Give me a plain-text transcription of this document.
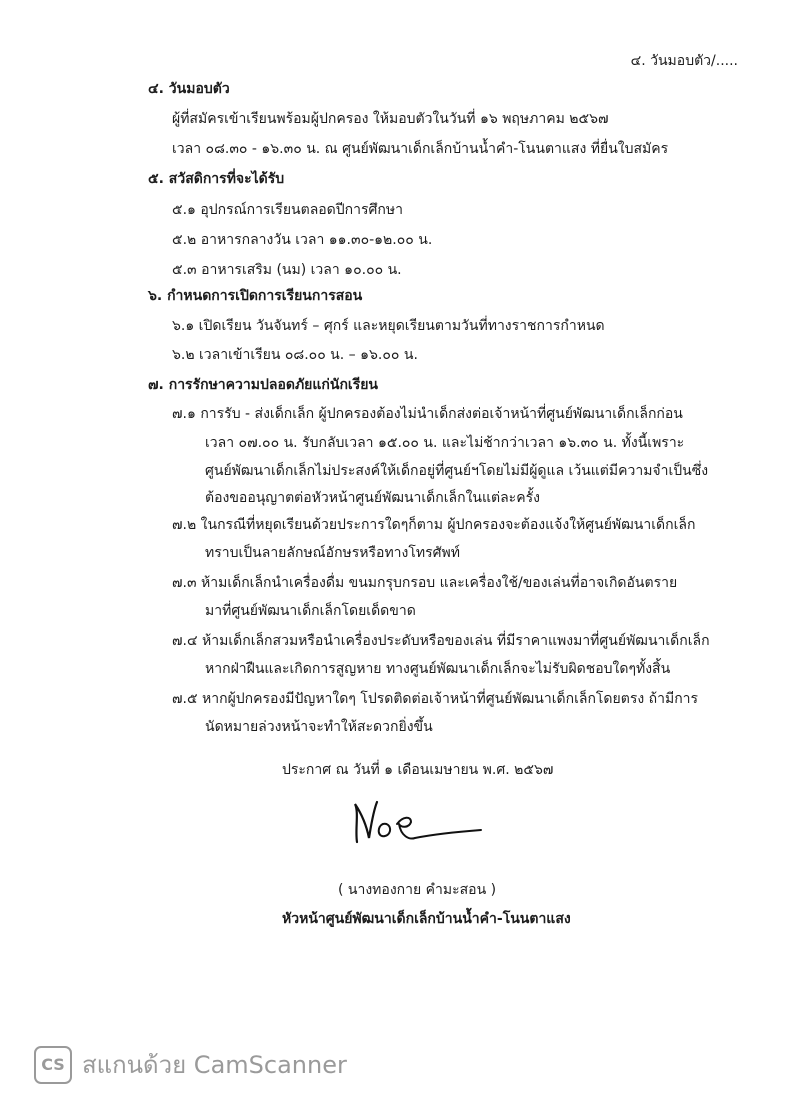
๔. วันมอบตัว/.....
๔. วันมอบตัว
ผู้ที่สมัครเข้าเรียนพร้อมผู้ปกครอง ให้มอบตัวในวันที่ ๑๖ พฤษภาคม ๒๕๖๗
เวลา ๐๘.๓๐ - ๑๖.๓๐ น. ณ ศูนย์พัฒนาเด็กเล็กบ้านน้ำคำ-โนนตาแสง ที่ยื่นใบสมัคร
๕. สวัสดิการที่จะได้รับ
๕.๑ อุปกรณ์การเรียนตลอดปีการศึกษา
๕.๒ อาหารกลางวัน เวลา ๑๑.๓๐-๑๒.๐๐ น.
๕.๓ อาหารเสริม (นม) เวลา ๑๐.๐๐ น.
๖. กำหนดการเปิดการเรียนการสอน
๖.๑ เปิดเรียน วันจันทร์ – ศุกร์ และหยุดเรียนตามวันที่ทางราชการกำหนด
๖.๒ เวลาเข้าเรียน ๐๘.๐๐ น. – ๑๖.๐๐ น.
๗. การรักษาความปลอดภัยแก่นักเรียน
๗.๑ การรับ - ส่งเด็กเล็ก ผู้ปกครองต้องไม่นำเด็กส่งต่อเจ้าหน้าที่ศูนย์พัฒนาเด็กเล็กก่อน
เวลา ๐๗.๐๐ น. รับกลับเวลา ๑๕.๐๐ น. และไม่ช้ากว่าเวลา ๑๖.๓๐ น. ทั้งนี้เพราะ
ศูนย์พัฒนาเด็กเล็กไม่ประสงค์ให้เด็กอยู่ที่ศูนย์ฯโดยไม่มีผู้ดูแล เว้นแต่มีความจำเป็นซึ่ง
ต้องขออนุญาตต่อหัวหน้าศูนย์พัฒนาเด็กเล็กในแต่ละครั้ง
๗.๒ ในกรณีที่หยุดเรียนด้วยประการใดๆก็ตาม ผู้ปกครองจะต้องแจ้งให้ศูนย์พัฒนาเด็กเล็ก
ทราบเป็นลายลักษณ์อักษรหรือทางโทรศัพท์
๗.๓ ห้ามเด็กเล็กนำเครื่องดื่ม ขนมกรุบกรอบ และเครื่องใช้/ของเล่นที่อาจเกิดอันตราย
มาที่ศูนย์พัฒนาเด็กเล็กโดยเด็ดขาด
๗.๔ ห้ามเด็กเล็กสวมหรือนำเครื่องประดับหรือของเล่น ที่มีราคาแพงมาที่ศูนย์พัฒนาเด็กเล็ก
หากฝ่าฝืนและเกิดการสูญหาย ทางศูนย์พัฒนาเด็กเล็กจะไม่รับผิดชอบใดๆทั้งสิ้น
๗.๕ หากผู้ปกครองมีปัญหาใดๆ โปรดติดต่อเจ้าหน้าที่ศูนย์พัฒนาเด็กเล็กโดยตรง ถ้ามีการ
นัดหมายล่วงหน้าจะทำให้สะดวกยิ่งขึ้น
ประกาศ ณ วันที่ ๑ เดือนเมษายน พ.ศ. ๒๕๖๗
( นางทองกาย คำมะสอน )
หัวหน้าศูนย์พัฒนาเด็กเล็กบ้านน้ำคำ-โนนตาแสง
CS สแกนด้วย CamScanner
